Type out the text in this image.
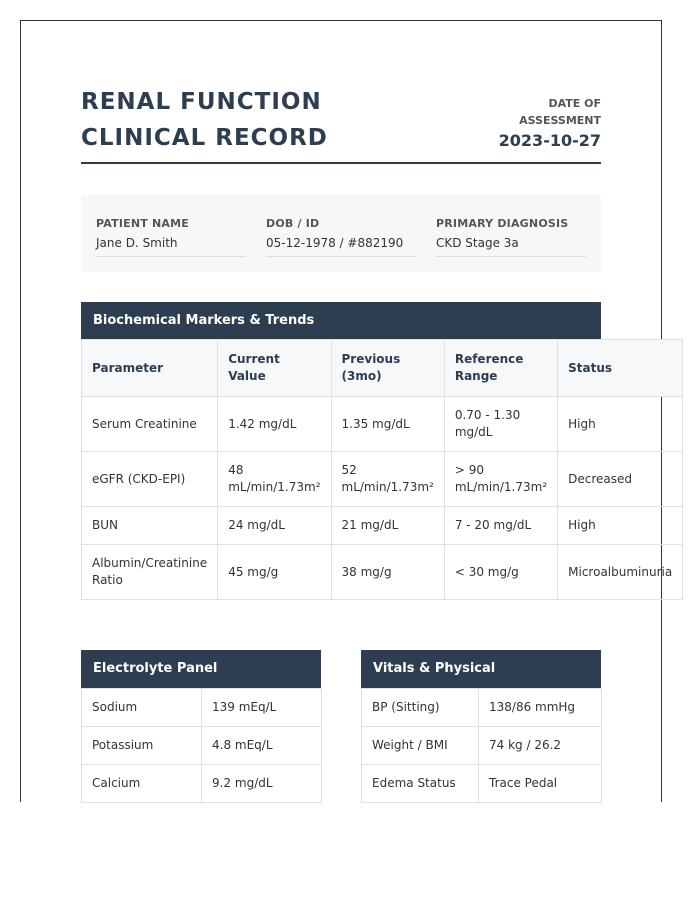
RENAL FUNCTION CLINICAL RECORD
DATE OF ASSESSMENT
2023-10-27
PATIENT NAME
Jane D. Smith
DOB / ID
05-12-1978 / #882190
PRIMARY DIAGNOSIS
CKD Stage 3a
Biochemical Markers & Trends
Parameter	Current Value	Previous (3mo)	Reference Range	Status
Serum Creatinine	1.42 mg/dL	1.35 mg/dL	0.70 - 1.30 mg/dL	High
eGFR (CKD-EPI)	48 mL/min/1.73m²	52 mL/min/1.73m²	> 90 mL/min/1.73m²	Decreased
BUN	24 mg/dL	21 mg/dL	7 - 20 mg/dL	High
Albumin/Creatinine Ratio	45 mg/g	38 mg/g	< 30 mg/g	Microalbuminuria
Electrolyte Panel
Sodium	139 mEq/L
Potassium	4.8 mEq/L
Calcium	9.2 mg/dL
Vitals & Physical
BP (Sitting)	138/86 mmHg
Weight / BMI	74 kg / 26.2
Edema Status	Trace Pedal
